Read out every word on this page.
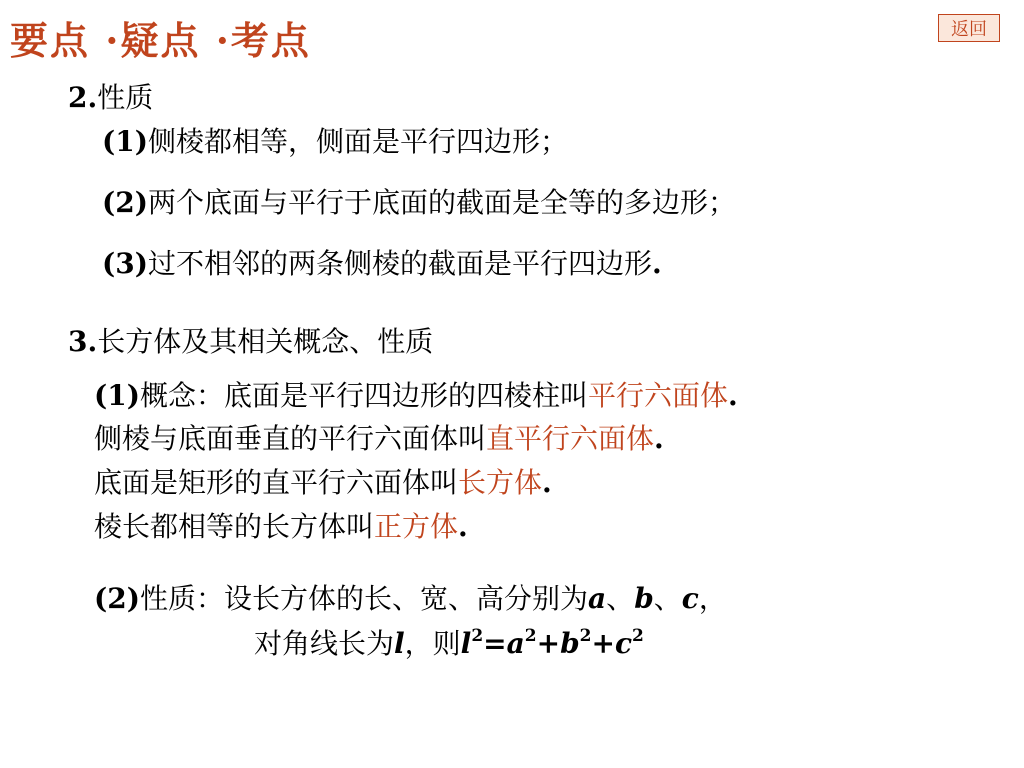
要点 ·疑点 ·考点	返回
2.性质
(1)侧棱都相等，侧面是平行四边形；
(2)两个底面与平行于底面的截面是全等的多边形；
(3)过不相邻的两条侧棱的截面是平行四边形.
3.长方体及其相关概念、性质
(1)概念：底面是平行四边形的四棱柱叫平行六面体.
侧棱与底面垂直的平行六面体叫直平行六面体.
底面是矩形的直平行六面体叫长方体.
棱长都相等的长方体叫正方体.
(2)性质：设长方体的长、宽、高分别为a、b、c，
对角线长为l，则$l^2=a^2+b^2+c^2$
